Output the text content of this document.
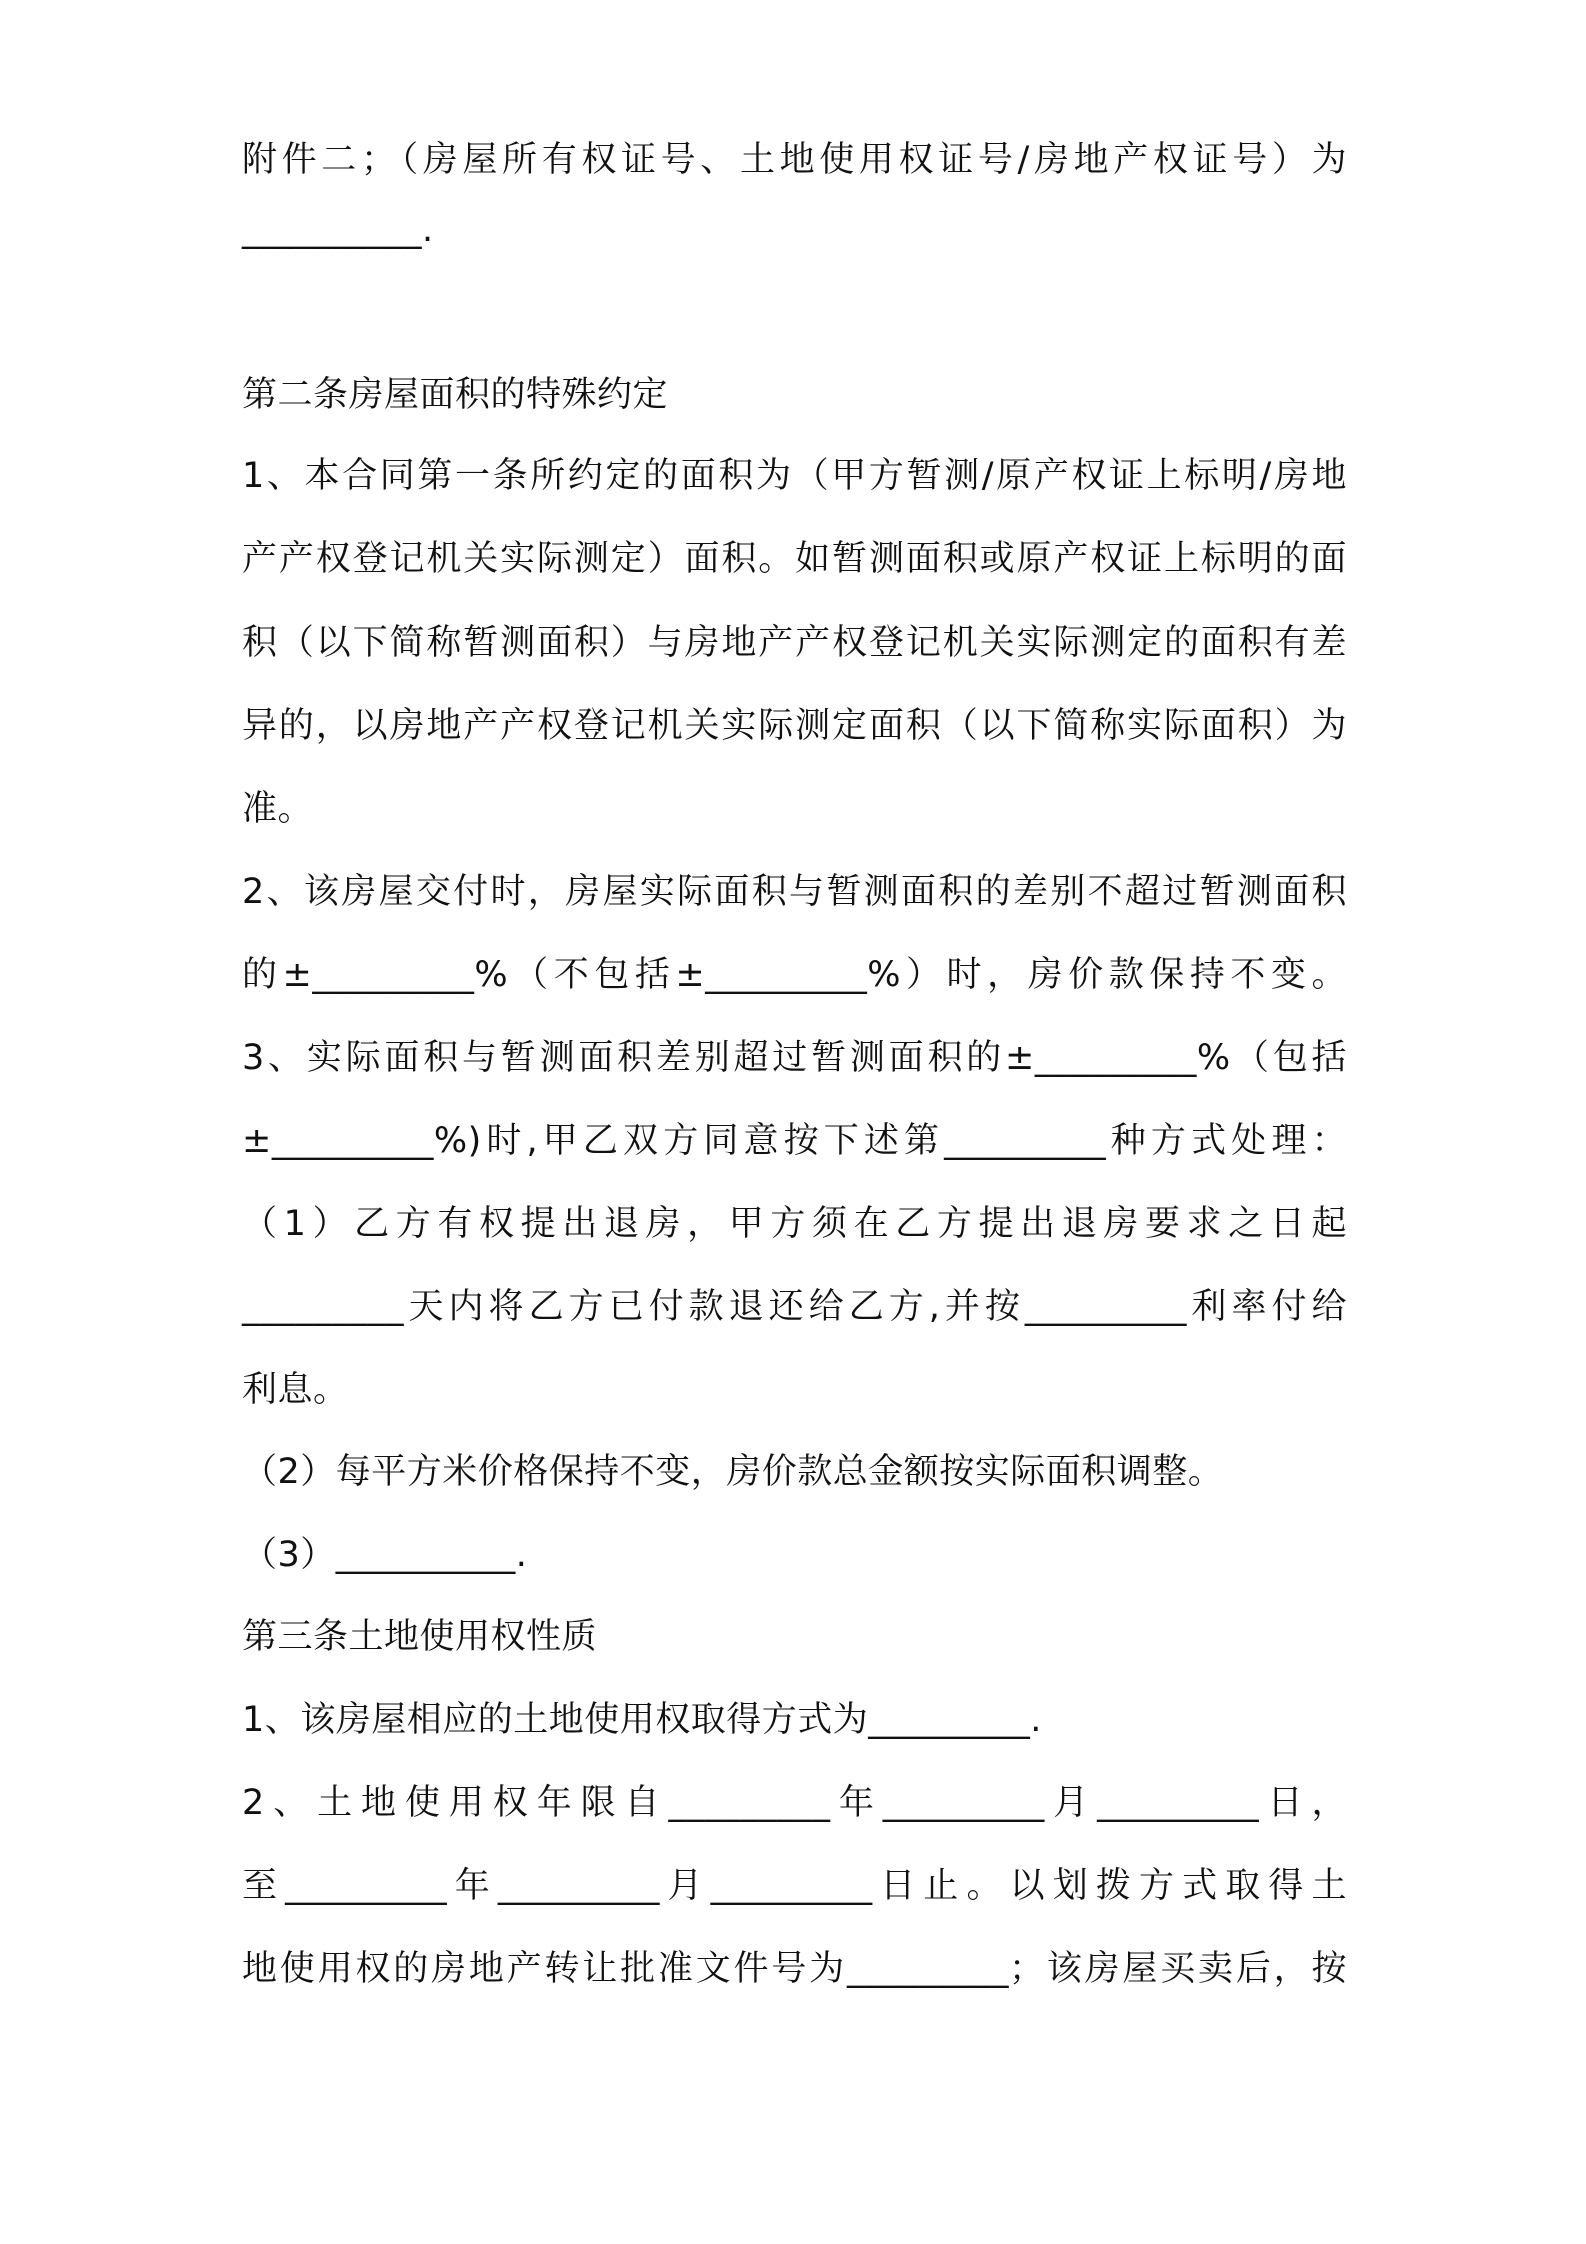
附件二；（房屋所有权证号、土地使用权证号/房地产权证号）为
__________.
第二条房屋面积的特殊约定
1、本合同第一条所约定的面积为（甲方暂测/原产权证上标明/房地
产产权登记机关实际测定）面积。如暂测面积或原产权证上标明的面
积（以下简称暂测面积）与房地产产权登记机关实际测定的面积有差
异的，以房地产产权登记机关实际测定面积（以下简称实际面积）为
准。
2、该房屋交付时，房屋实际面积与暂测面积的差别不超过暂测面积
的±_________%（不包括±_________%）时，房价款保持不变。
3、实际面积与暂测面积差别超过暂测面积的±_________%（包括
±_________%)时,甲乙双方同意按下述第_________种方式处理：
（1）乙方有权提出退房，甲方须在乙方提出退房要求之日起
_________天内将乙方已付款退还给乙方,并按_________利率付给
利息。
（2）每平方米价格保持不变，房价款总金额按实际面积调整。
（3）__________.
第三条土地使用权性质
1、该房屋相应的土地使用权取得方式为_________.
2、土地使用权年限自_________年_________月_________日，
至_________年_________月_________日止。以划拨方式取得土
地使用权的房地产转让批准文件号为_________；该房屋买卖后，按
